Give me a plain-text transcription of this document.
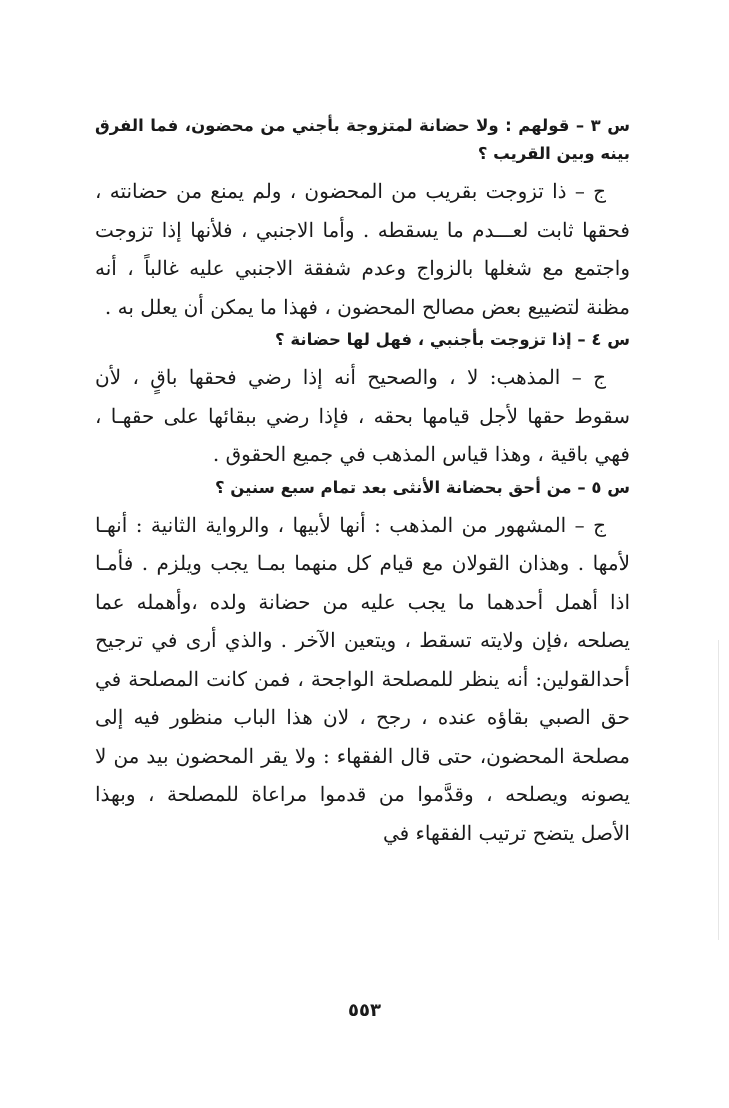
س ٣ – قولهم : ولا حضانة لمتزوجة بأجني من محضون، فما الفرق بينه وبين القريب ؟

ج – ذا تزوجت بقريب من المحضون ، ولم يمنع من حضانته ، فحقها ثابت لعـــدم ما يسقطه . وأما الاجنبي ، فلأنها إذا تزوجت واجتمع مع شغلها بالزواج وعدم شفقة الاجنبي عليه غالباً ، أنه مظنة لتضييع بعض مصالح المحضون ، فهذا ما يمكن أن يعلل به .

س ٤ – إذا تزوجت بأجنبي ، فهل لها حضانة ؟

ج – المذهب: لا ، والصحيح أنه إذا رضي فحقها باقٍ ، لأن سقوط حقها لأجل قيامها بحقه ، فإذا رضي ببقائها على حقهـا ، فهي باقية ، وهذا قياس المذهب في جميع الحقوق .

س ٥ – من أحق بحضانة الأنثى بعد تمام سبع سنين ؟

ج – المشهور من المذهب : أنها لأبيها ، والرواية الثانية : أنهـا لأمها . وهذان القولان مع قيام كل منهما بمـا يجب ويلزم . فأمـا اذا أهمل أحدهما ما يجب عليه من حضانة ولده ،وأهمله عما يصلحه ،فإن ولايته تسقط ، ويتعين الآخر . والذي أرى في ترجيح أحدالقولين: أنه ينظر للمصلحة الواجحة ، فمن كانت المصلحة في حق الصبي بقاؤه عنده ، رجح ، لان هذا الباب منظور فيه إلى مصلحة المحضون، حتى قال الفقهاء : ولا يقر المحضون بيد من لا يصونه ويصلحه ، وقدَّموا من قدموا مراعاة للمصلحة ، وبهذا الأصل يتضح ترتيب الفقهاء في

٥٥٣
